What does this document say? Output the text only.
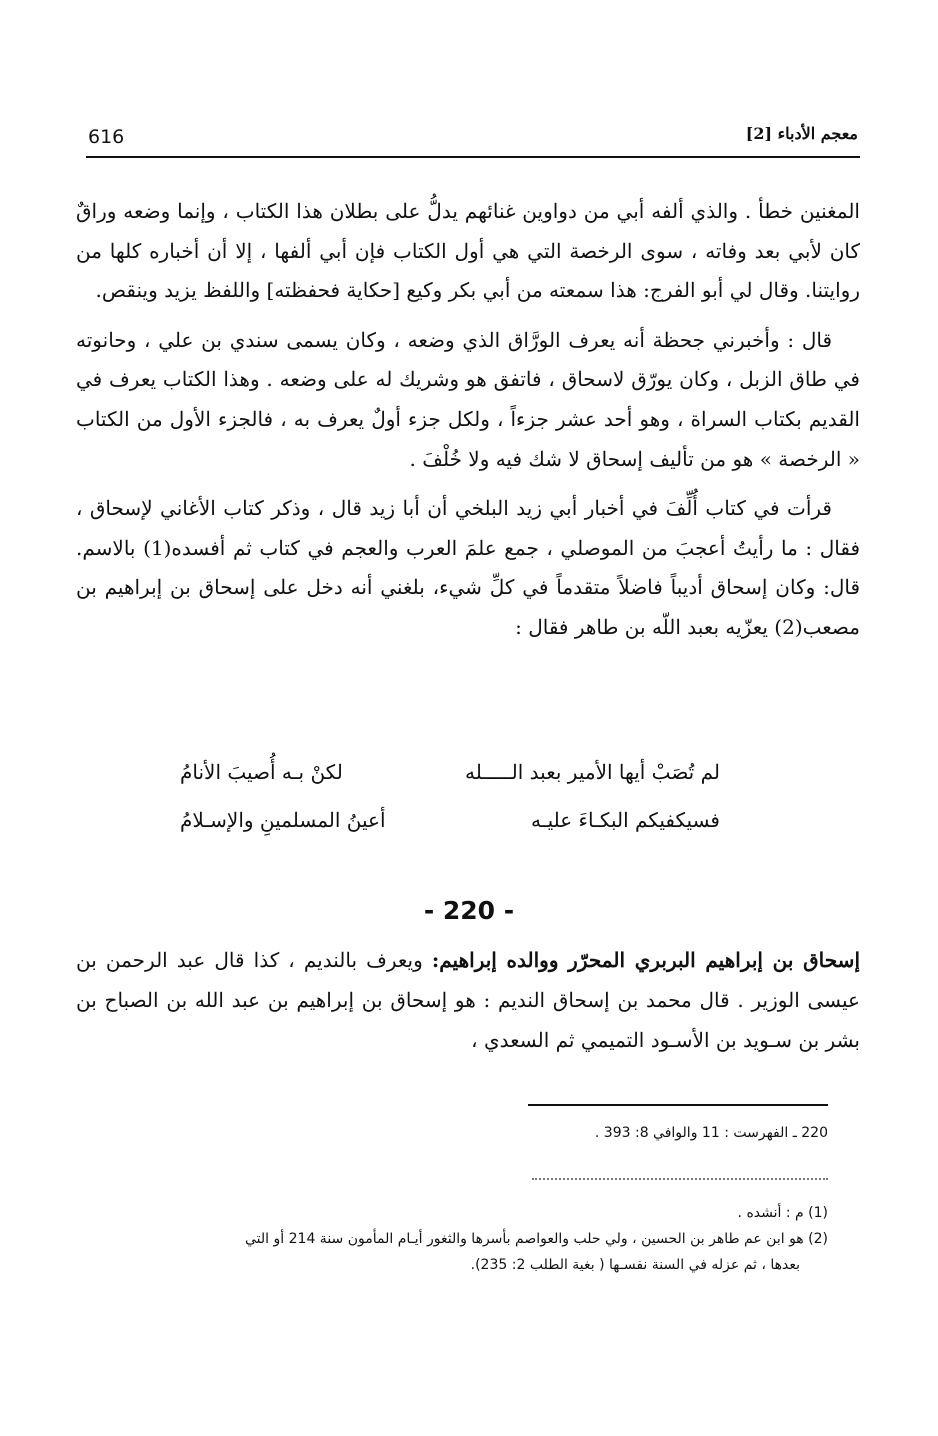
616	معجم الأدباء [2]

المغنين خطأ . والذي ألفه أبي من دواوين غنائهم يدلُّ على بطلان هذا الكتاب ، وإنما وضعه وراقٌ كان لأبي بعد وفاته ، سوى الرخصة التي هي أول الكتاب فإن أبي ألفها ، إلا أن أخباره كلها من روايتنا. وقال لي أبو الفرج: هذا سمعته من أبي بكر وكيع [حكاية فحفظته] واللفظ يزيد وينقص.

قال : وأخبرني جحظة أنه يعرف الورَّاق الذي وضعه ، وكان يسمى سندي بن علي ، وحانوته في طاق الزبل ، وكان يورّق لاسحاق ، فاتفق هو وشريك له على وضعه . وهذا الكتاب يعرف في القديم بكتاب السراة ، وهو أحد عشر جزءاً ، ولكل جزء أولٌ يعرف به ، فالجزء الأول من الكتاب « الرخصة » هو من تأليف إسحاق لا شك فيه ولا خُلْفَ .

قرأت في كتاب أُلِّفَ في أخبار أبي زيد البلخي أن أبا زيد قال ، وذكر كتاب الأغاني لإسحاق ، فقال : ما رأيتُ أعجبَ من الموصلي ، جمع علمَ العرب والعجم في كتاب ثم أفسده(1) بالاسم. قال: وكان إسحاق أديباً فاضلاً متقدماً في كلِّ شيء، بلغني أنه دخل على إسحاق بن إبراهيم بن مصعب(2) يعزّيه بعبد اللّه بن طاهر فقال :

لم تُصَبْ أيها الأمير بعبد الـــــله
لكنْ بـه أُصيبَ الأنامُ
فسيكفيكم البكـاءَ عليـه
أعينُ المسلمينِ والإسـلامُ
- 220 -

إسحاق بن إبراهيم البربري المحرّر ووالده إبراهيم: ويعرف بالنديم ، كذا قال عبد الرحمن بن عيسى الوزير . قال محمد بن إسحاق النديم : هو إسحاق بن إبراهيم بن عبد الله بن الصباح بن بشر بن سـويد بن الأسـود التميمي ثم السعدي ،

220 ـ الفهرست : 11 والوافي 8: 393 .

(1) م : أنشده .

(2) هو ابن عم طاهر بن الحسين ، ولي حلب والعواصم بأسرها والثغور أيـام المأمون سنة 214 أو التي

بعدها ، ثم عزله في السنة نفسـها ( بغية الطلب 2: 235).
